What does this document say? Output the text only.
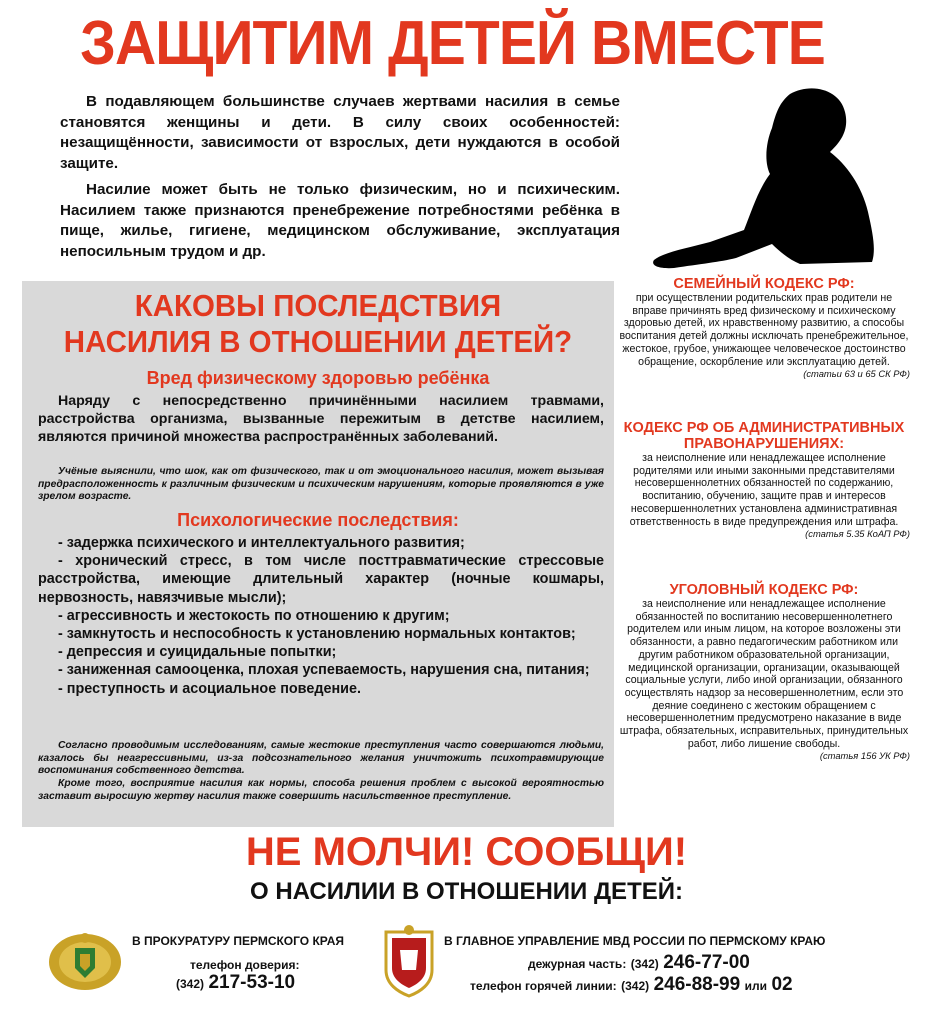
ЗАЩИТИМ ДЕТЕЙ ВМЕСТЕ

В подавляющем большинстве случаев жертвами насилия в семье становятся женщины и дети. В силу своих особенностей: незащищённости, зависимости от взрослых, дети нуждаются в особой защите.

Насилие может быть не только физическим, но и психическим. Насилием также признаются пренебрежение потребностями ребёнка в пище, жилье, гигиене, медицинском обслуживание, эксплуатация непосильным трудом и др.

КАКОВЫ ПОСЛЕДСТВИЯ
НАСИЛИЯ В ОТНОШЕНИИ ДЕТЕЙ?
Вред физическому здоровью ребёнка
Наряду с непосредственно причинёнными насилием травмами, расстройства организма, вызванные пережитым в детстве насилием, являются причиной множества распространённых заболеваний.
Учёные выяснили, что шок, как от физического, так и от эмоционального насилия, может вызывая предрасположенность к различным физическим и психическим нарушениям, которые проявляются в уже зрелом возрасте.
Психологические последствия:
- задержка психического и интеллектуального развития;
- хронический стресс, в том числе посттравматические стрессовые расстройства, имеющие длительный характер (ночные кошмары, нервозность, навязчивые мысли);
- агрессивность и жестокость по отношению к другим;
- замкнутость и неспособность к установлению нормальных контактов;
- депрессия и суицидальные попытки;
- заниженная самооценка, плохая успеваемость, нарушения сна, питания;
- преступность и асоциальное поведение.
Согласно проводимым исследованиям, самые жестокие преступления часто совершаются людьми, казалось бы неагрессивными, из-за подсознательного желания уничтожить психотравмирующие воспоминания собственного детства.
Кроме того, восприятие насилия как нормы, способа решения проблем с высокой вероятностью заставит выросшую жертву насилия также совершить насильственное преступление.
СЕМЕЙНЫЙ КОДЕКС РФ:
при осуществлении родительских прав родители не вправе причинять вред физическому и психическому здоровью детей, их нравственному развитию, а способы воспитания детей должны исключать пренебрежительное, жестокое, грубое, унижающее человеческое достоинство обращение, оскорбление или эксплуатацию детей.
(статьи 63 и 65 СК РФ)
КОДЕКС РФ ОБ АДМИНИСТРАТИВНЫХ ПРАВОНАРУШЕНИЯХ:
за неисполнение или ненадлежащее исполнение родителями или иными законными представителями несовершеннолетних обязанностей по содержанию, воспитанию, обучению, защите прав и интересов несовершеннолетних установлена административная ответственность в виде предупреждения или штрафа.
(статья 5.35 КоАП РФ)
УГОЛОВНЫЙ КОДЕКС РФ:
за неисполнение или ненадлежащее исполнение обязанностей по воспитанию несовершеннолетнего родителем или иным лицом, на которое возложены эти обязанности, а равно педагогическим работником или другим работником образовательной организации, медицинской организации, организации, оказывающей социальные услуги, либо иной организации, обязанного осуществлять надзор за несовершеннолетним, если это деяние соединено с жестоким обращением с несовершеннолетним предусмотрено наказание в виде штрафа, обязательных, исправительных, принудительных работ, либо лишение свободы.
(статья 156 УК РФ)
НЕ МОЛЧИ! СООБЩИ!
О НАСИЛИИ В ОТНОШЕНИИ ДЕТЕЙ:
В ПРОКУРАТУРУ ПЕРМСКОГО КРАЯ
телефон доверия:
(342) 217-53-10
В ГЛАВНОЕ УПРАВЛЕНИЕ МВД РОССИИ ПО ПЕРМСКОМУ КРАЮ
дежурная часть: (342) 246-77-00
телефон горячей линии: (342) 246-88-99 или 02
